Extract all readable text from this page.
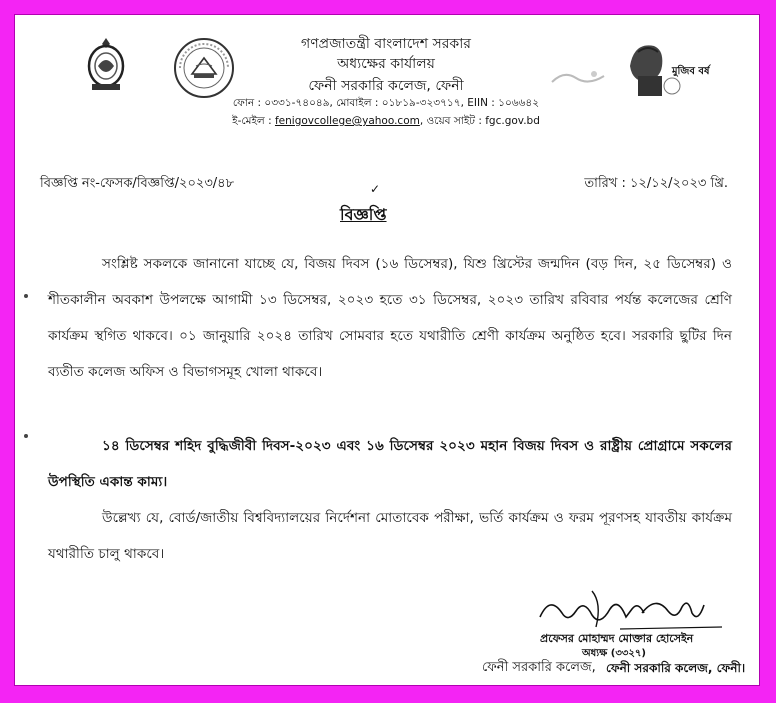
মুজিব বর্ষ
গণপ্রজাতন্ত্রী বাংলাদেশ সরকার
অধ্যক্ষের কার্যালয়
ফেনী সরকারি কলেজ, ফেনী
ফোন : ০৩৩১-৭৪০৪৯, মোবাইল : ০১৮১৯-৩২৩৭১৭, EIIN : ১০৬৬৪২
ই-মেইল : fenigovcollege@yahoo.com, ওয়েব সাইট : fgc.gov.bd
বিজ্ঞপ্তি নং-ফেসক/বিজ্ঞপ্তি/২০২৩/৪৮	তারিখ : ১২/১২/২০২৩ খ্রি.
✓
বিজ্ঞপ্তি

সংশ্লিষ্ট সকলকে জানানো যাচ্ছে যে, বিজয় দিবস (১৬ ডিসেম্বর), যিশু খ্রিস্টের জন্মদিন (বড় দিন, ২৫ ডিসেম্বর) ও শীতকালীন অবকাশ উপলক্ষে আগামী ১৩ ডিসেম্বর, ২০২৩ হতে ৩১ ডিসেম্বর, ২০২৩ তারিখ রবিবার পর্যন্ত কলেজের শ্রেণি কার্যক্রম স্থগিত থাকবে। ০১ জানুয়ারি ২০২৪ তারিখ সোমবার হতে যথারীতি শ্রেণী কার্যক্রম অনুষ্ঠিত হবে। সরকারি ছুটির দিন ব্যতীত কলেজ অফিস ও বিভাগসমূহ খোলা থাকবে।

১৪ ডিসেম্বর শহিদ বুদ্ধিজীবী দিবস-২০২৩ এবং ১৬ ডিসেম্বর ২০২৩ মহান বিজয় দিবস ও রাষ্ট্রীয় প্রোগ্রামে সকলের উপস্থিতি একান্ত কাম্য।

উল্লেখ্য যে, বোর্ড/জাতীয় বিশ্ববিদ্যালয়ের নির্দেশনা মোতাবেক পরীক্ষা, ভর্তি কার্যক্রম ও ফরম পূরণসহ যাবতীয় কার্যক্রম যথারীতি চালু থাকবে।

প্রফেসর মোহাম্মদ মোক্তার হোসেইন
অধ্যক্ষ (৩৩২৭)
ফেনী সরকারি কলেজ, ফেনী সরকারি কলেজ, ফেনী।
